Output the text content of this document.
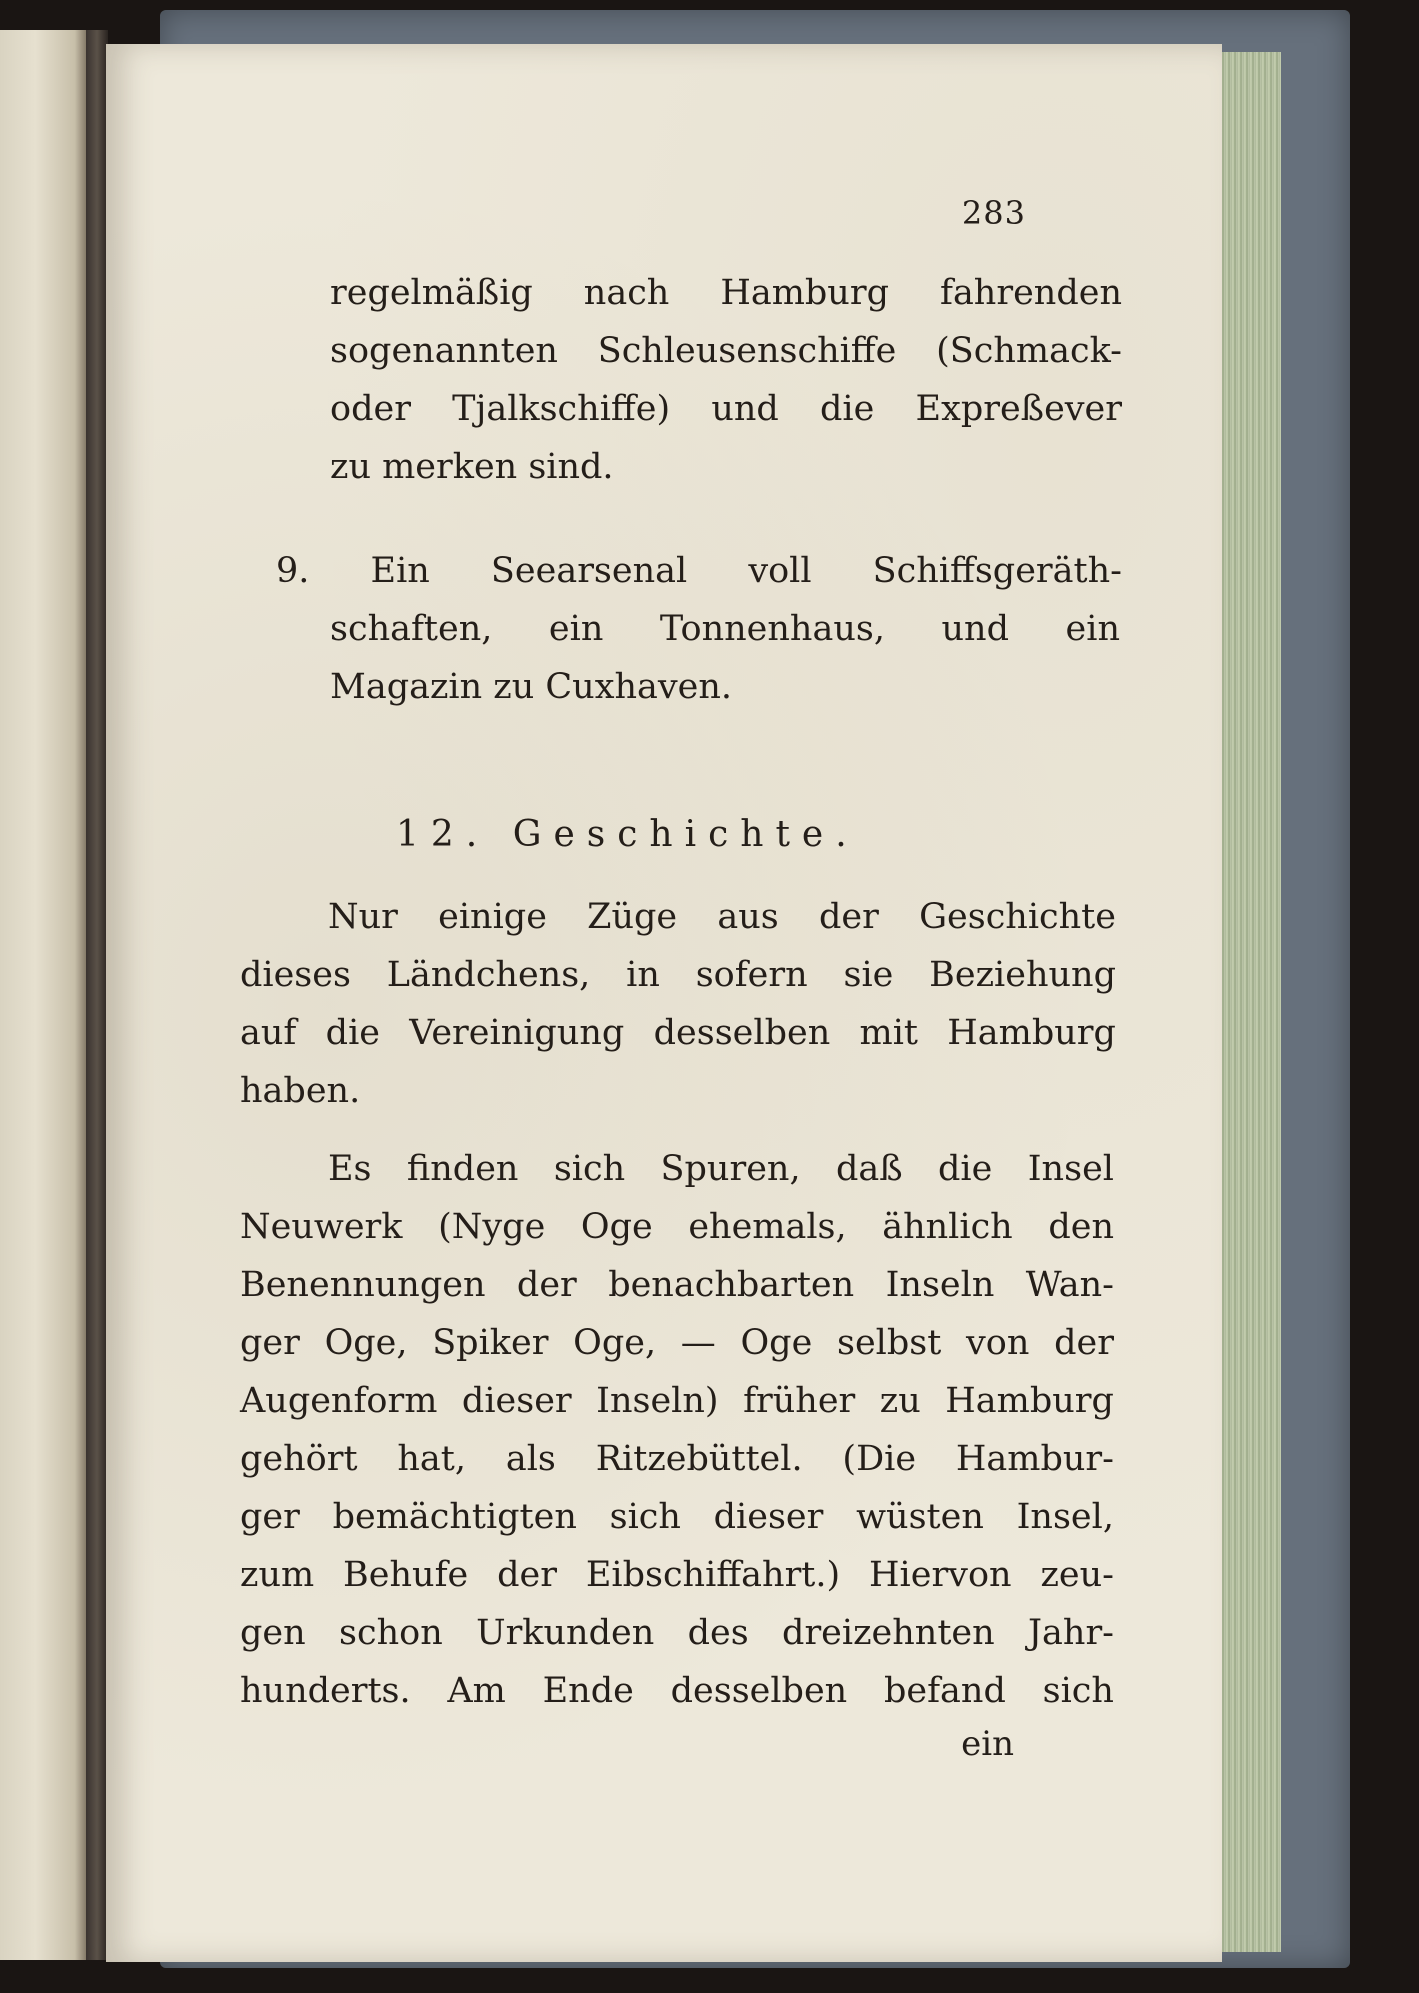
283
regelmäßig nach Hamburg fahrenden
sogenannten Schleusenschiffe (Schmack-
oder Tjalkschiffe) und die Expreßever
zu merken sind.
9. Ein Seearsenal voll Schiffsgeräth-
schaften, ein Tonnenhaus, und ein
Magazin zu Cuxhaven.
12. Geschichte.
Nur einige Züge aus der Geschichte
dieses Ländchens, in sofern sie Beziehung
auf die Vereinigung desselben mit Hamburg
haben.
Es finden sich Spuren, daß die Insel
Neuwerk (Nyge Oge ehemals, ähnlich den
Benennungen der benachbarten Inseln Wan-
ger Oge, Spiker Oge, — Oge selbst von der
Augenform dieser Inseln) früher zu Hamburg
gehört hat, als Ritzebüttel. (Die Hambur-
ger bemächtigten sich dieser wüsten Insel,
zum Behufe der Eibschiffahrt.) Hiervon zeu-
gen schon Urkunden des dreizehnten Jahr-
hunderts. Am Ende desselben befand sich
ein
